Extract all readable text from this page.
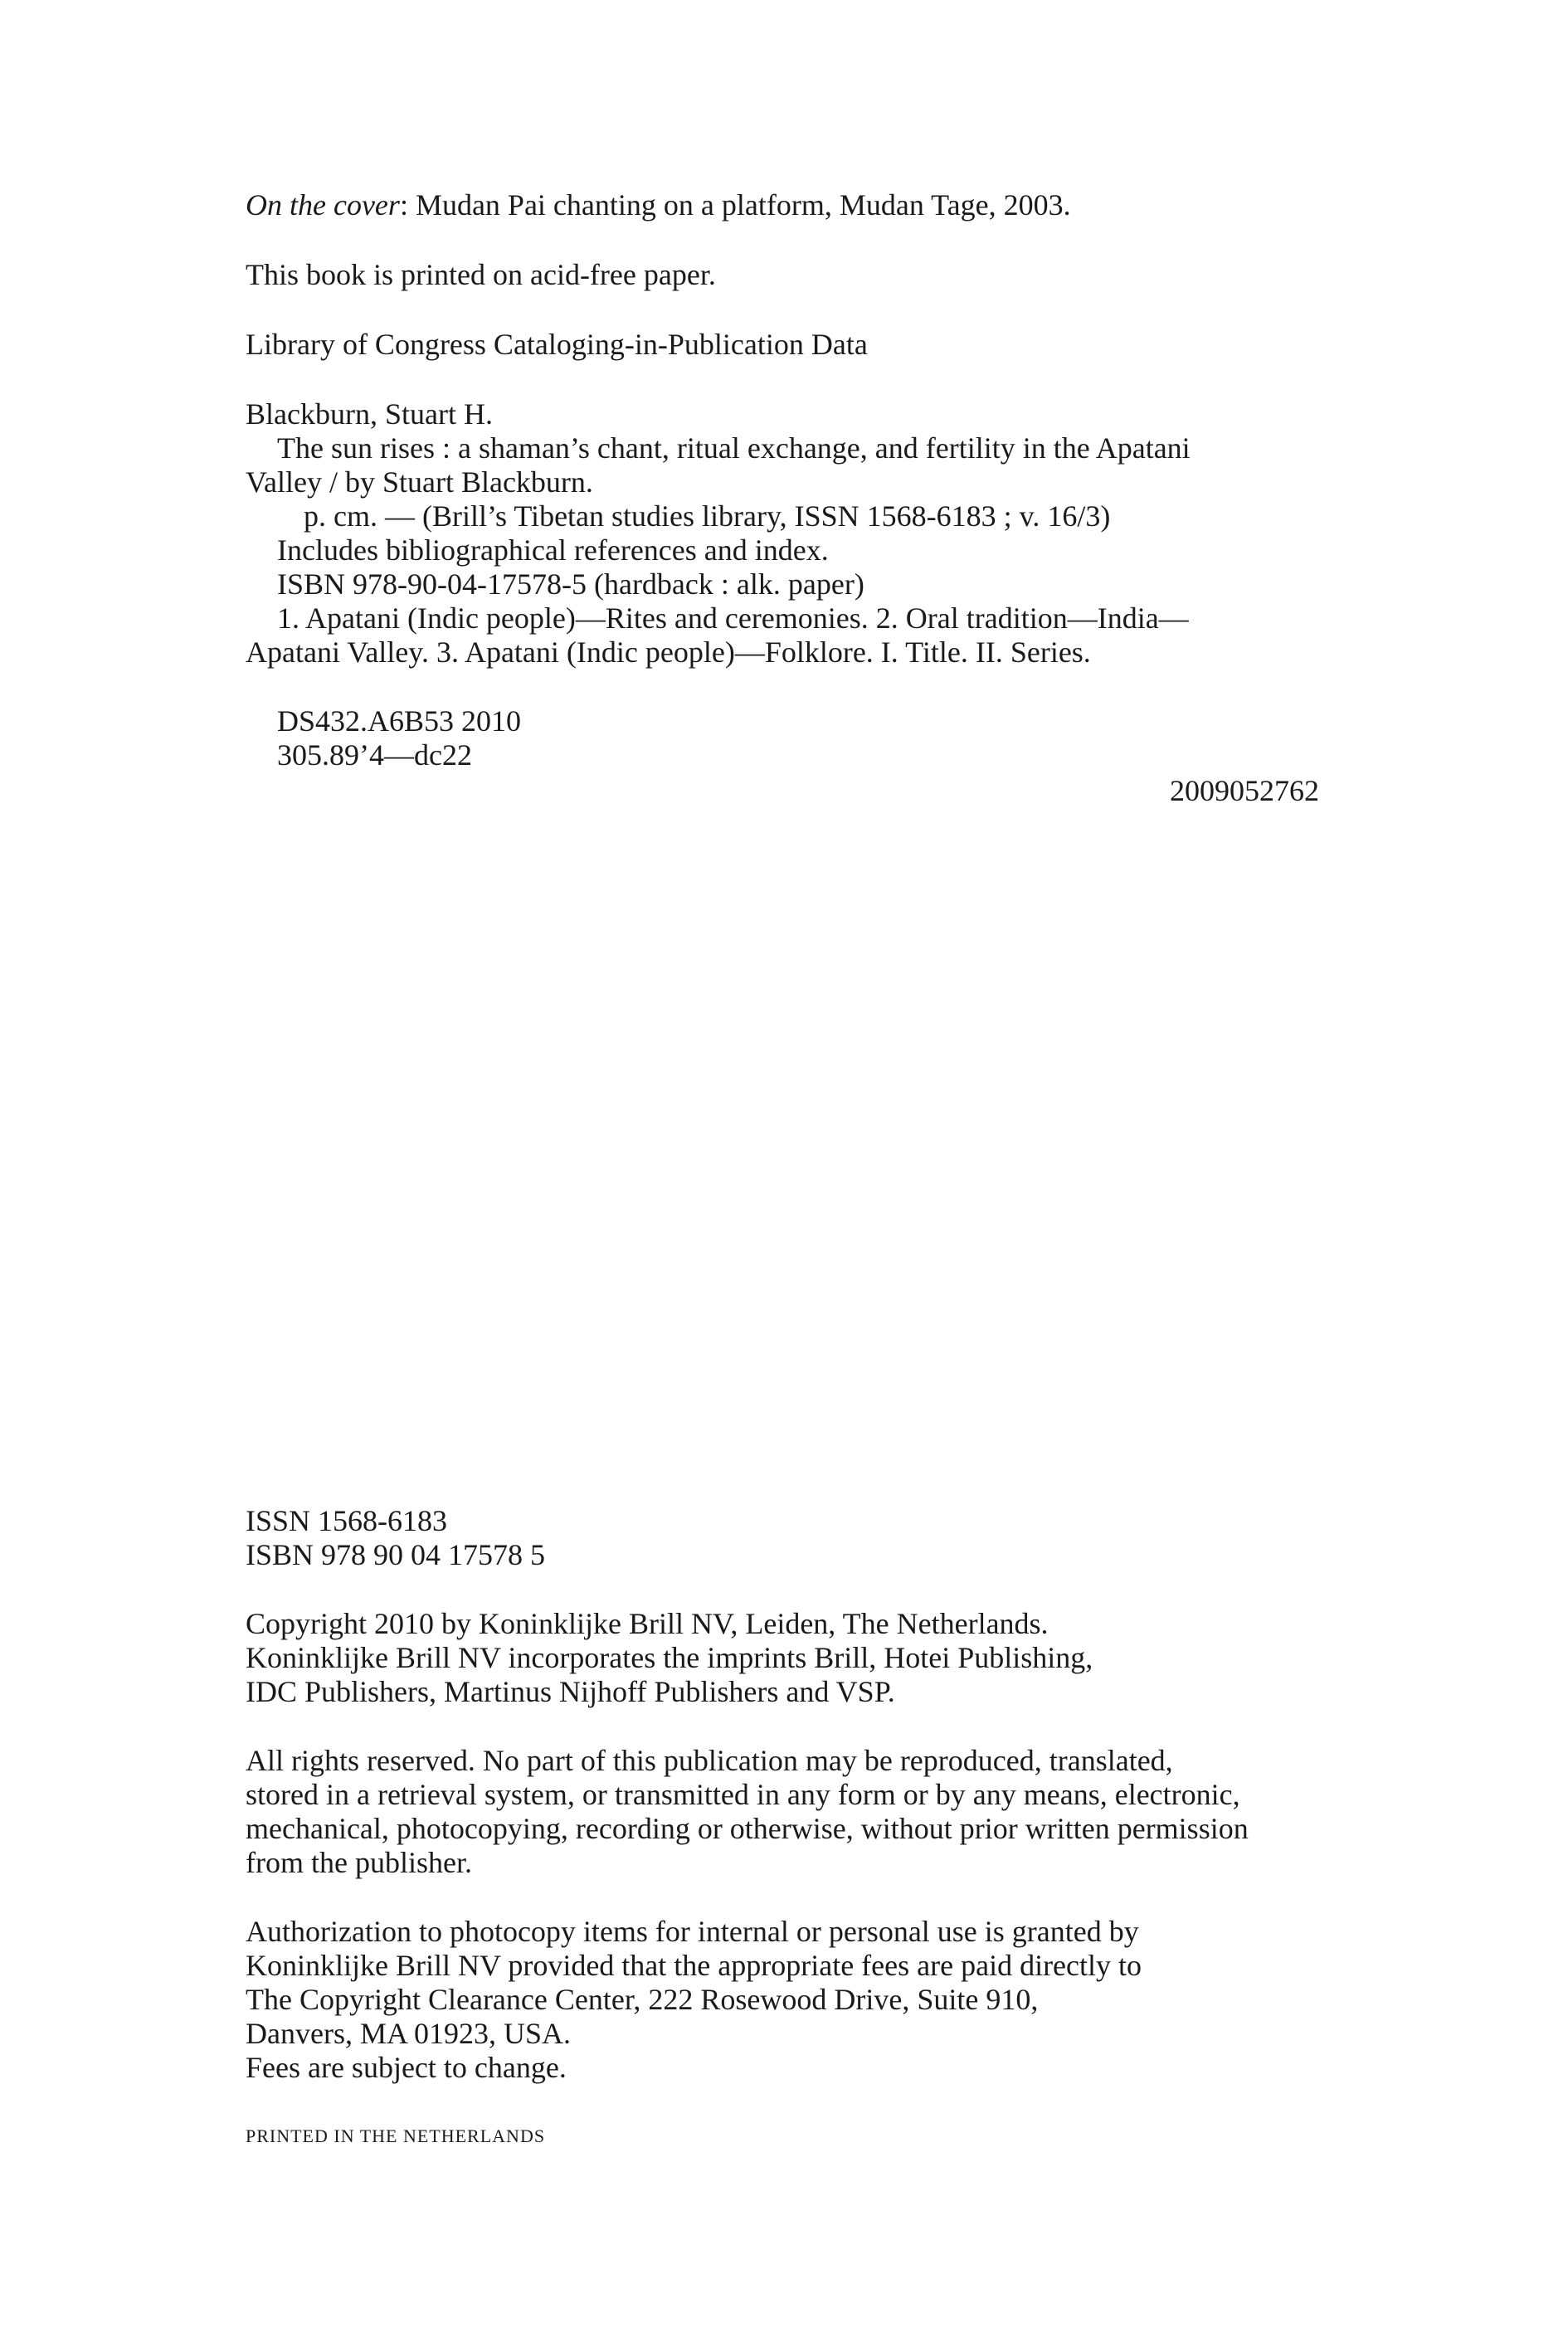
On the cover: Mudan Pai chanting on a platform, Mudan Tage, 2003.
This book is printed on acid-free paper.
Library of Congress Cataloging-in-Publication Data
Blackburn, Stuart H.
The sun rises : a shaman’s chant, ritual exchange, and fertility in the Apatani
Valley / by Stuart Blackburn.
p. cm. — (Brill’s Tibetan studies library, ISSN 1568-6183 ; v. 16/3)
Includes bibliographical references and index.
ISBN 978-90-04-17578-5 (hardback : alk. paper)
1. Apatani (Indic people)—Rites and ceremonies. 2. Oral tradition—India—
Apatani Valley. 3. Apatani (Indic people)—Folklore. I. Title. II. Series.
DS432.A6B53 2010
305.89’4—dc22
2009052762
ISSN 1568-6183
ISBN 978 90 04 17578 5
Copyright 2010 by Koninklijke Brill NV, Leiden, The Netherlands.
Koninklijke Brill NV incorporates the imprints Brill, Hotei Publishing,
IDC Publishers, Martinus Nijhoff Publishers and VSP.
All rights reserved. No part of this publication may be reproduced, translated,
stored in a retrieval system, or transmitted in any form or by any means, electronic,
mechanical, photocopying, recording or otherwise, without prior written permission
from the publisher.
Authorization to photocopy items for internal or personal use is granted by
Koninklijke Brill NV provided that the appropriate fees are paid directly to
The Copyright Clearance Center, 222 Rosewood Drive, Suite 910,
Danvers, MA 01923, USA.
Fees are subject to change.
PRINTED IN THE NETHERLANDS
